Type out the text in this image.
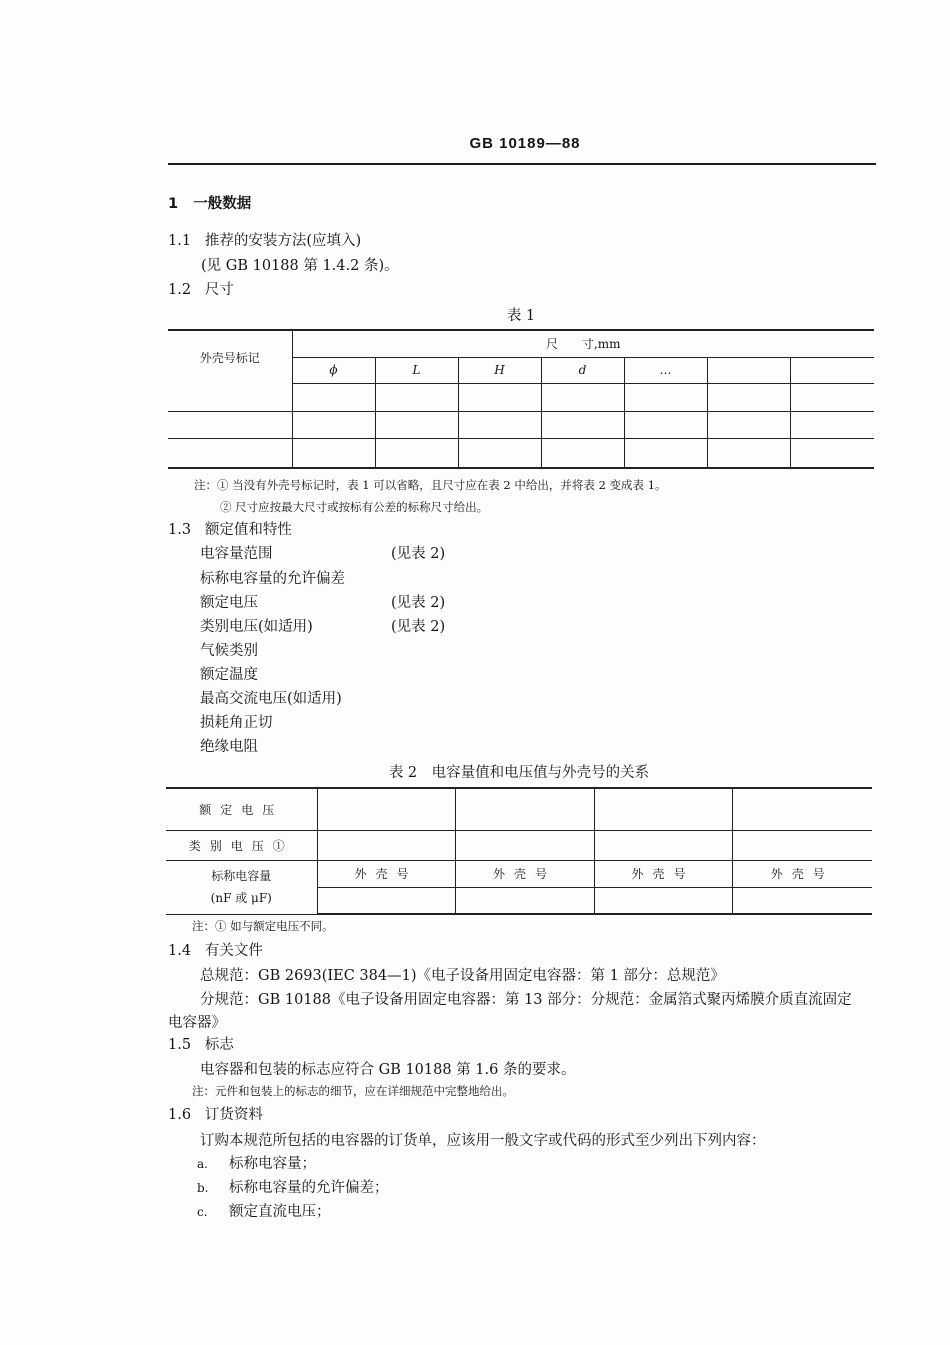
GB 10189—88
1 一般数据
1.1 推荐的安装方法(应填入)
(见 GB 10188 第 1.4.2 条)。
1.2 尺寸
表 1
外壳号标记	尺　　寸,mm						
	ϕ	L	H	d	…		

注：① 当没有外壳号标记时，表 1 可以省略，且尺寸应在表 2 中给出，并将表 2 变成表 1。
② 尺寸应按最大尺寸或按标有公差的标称尺寸给出。
1.3 额定值和特性
电容量范围	(见表 2)
标称电容量的允许偏差
额定电压	(见表 2)
类别电压(如适用)	(见表 2)
气候类别
额定温度
最高交流电压(如适用)
损耗角正切
绝缘电阻
表 2　电容量值和电压值与外壳号的关系
额定电压				
类别电压①				

标称电容量
(nF 或 μF)	外壳号	外壳号	外壳号	外壳号

注：① 如与额定电压不同。
1.4 有关文件
总规范：GB 2693(IEC 384—1)《电子设备用固定电容器：第 1 部分：总规范》
分规范：GB 10188《电子设备用固定电容器：第 13 部分：分规范：金属箔式聚丙烯膜介质直流固定
电容器》
1.5 标志
电容器和包装的标志应符合 GB 10188 第 1.6 条的要求。
注：元件和包装上的标志的细节，应在详细规范中完整地给出。
1.6 订货资料
订购本规范所包括的电容器的订货单，应该用一般文字或代码的形式至少列出下列内容：
a. 标称电容量；
b. 标称电容量的允许偏差；
c. 额定直流电压；
